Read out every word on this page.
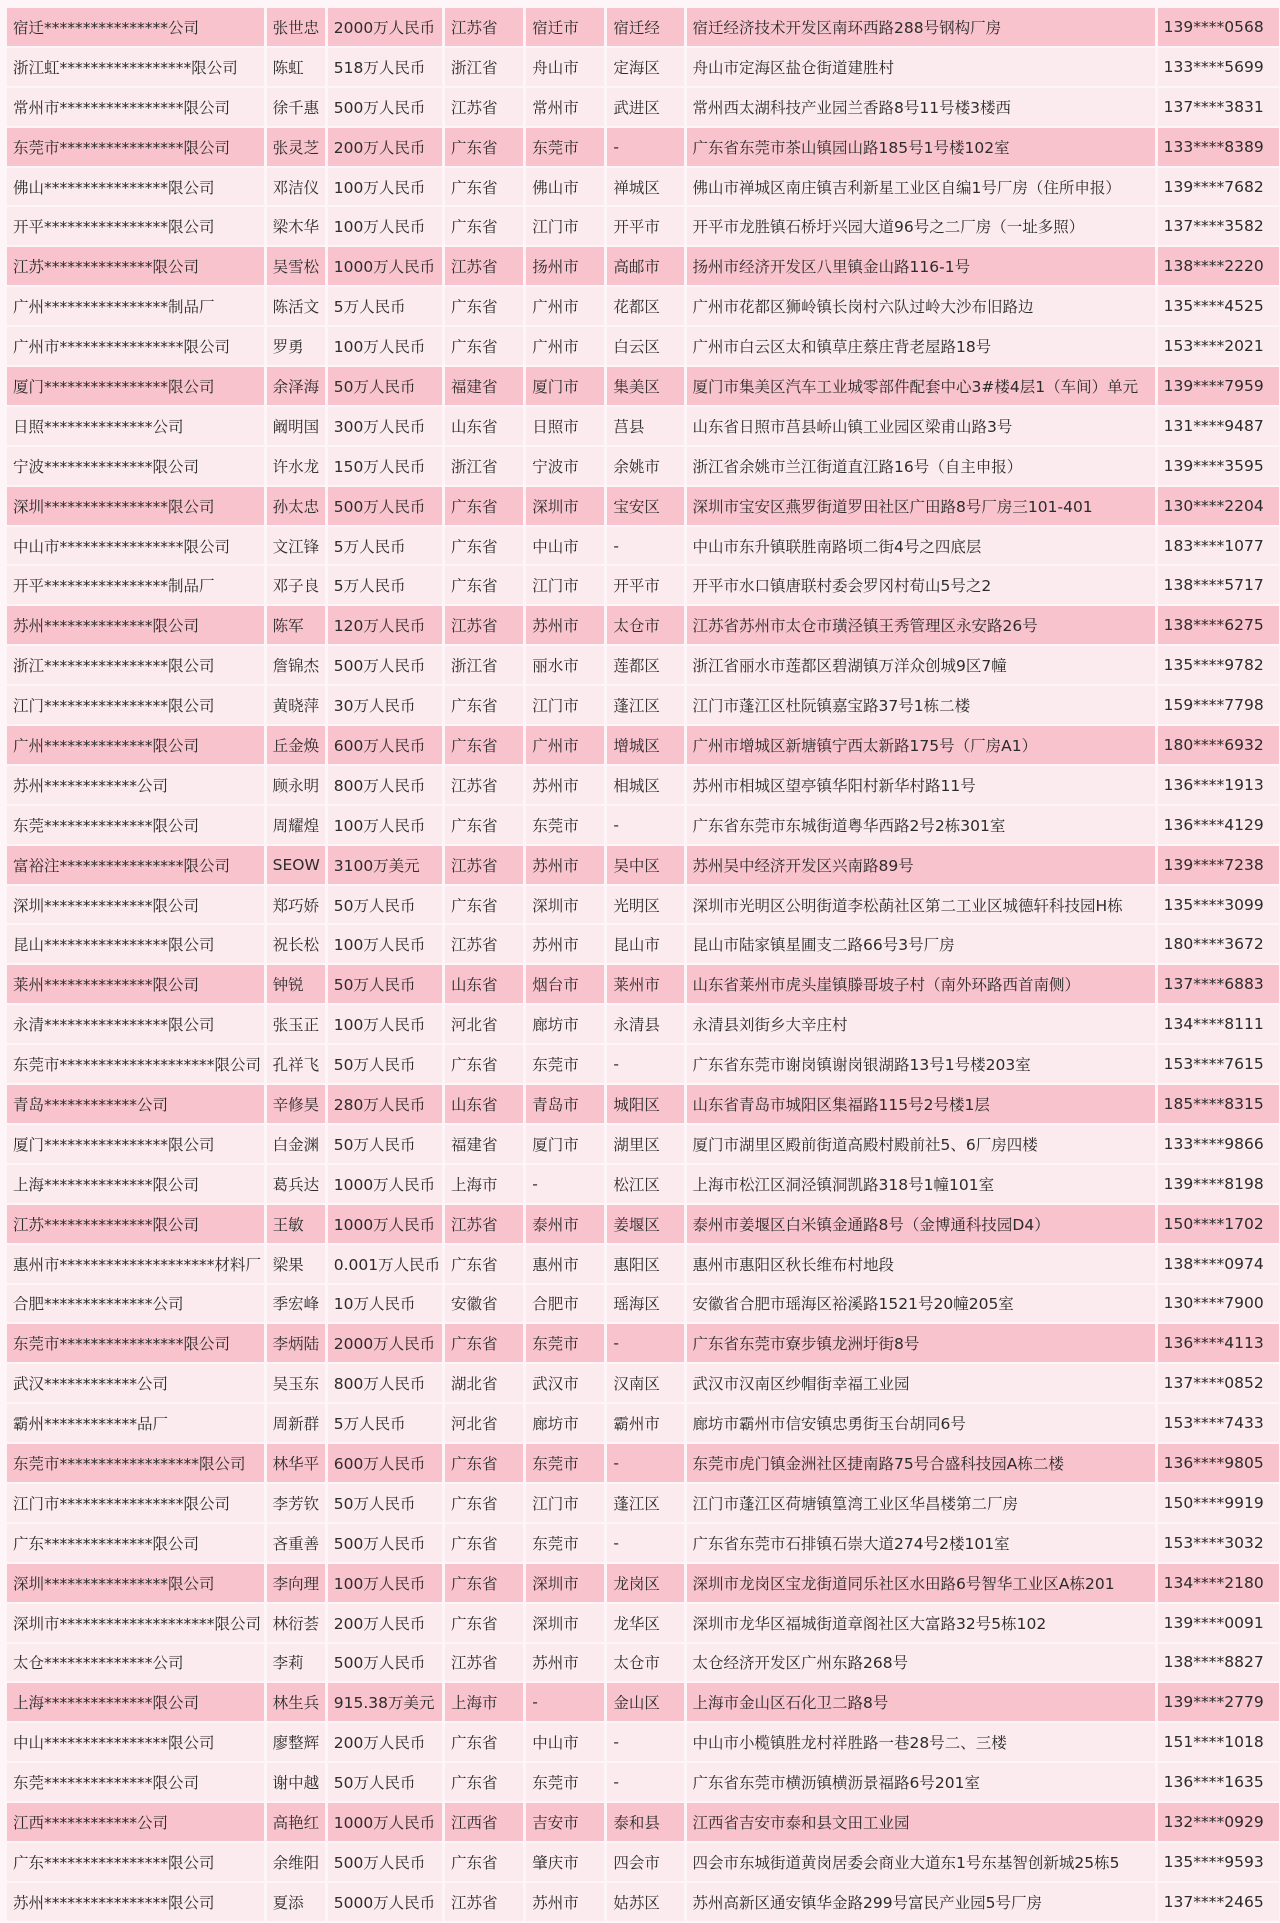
宿迁****************公司	张世忠	2000万人民币	江苏省	宿迁市	宿迁经	宿迁经济技术开发区南环西路288号钢构厂房	139****0568
浙江虹*****************限公司	陈虹	518万人民币	浙江省	舟山市	定海区	舟山市定海区盐仓街道建胜村	133****5699
常州市****************限公司	徐千惠	500万人民币	江苏省	常州市	武进区	常州西太湖科技产业园兰香路8号11号楼3楼西	137****3831
东莞市****************限公司	张灵芝	200万人民币	广东省	东莞市	-	广东省东莞市茶山镇园山路185号1号楼102室	133****8389
佛山****************限公司	邓洁仪	100万人民币	广东省	佛山市	禅城区	佛山市禅城区南庄镇吉利新星工业区自编1号厂房（住所申报）	139****7682
开平****************限公司	梁木华	100万人民币	广东省	江门市	开平市	开平市龙胜镇石桥圩兴园大道96号之二厂房（一址多照）	137****3582
江苏**************限公司	吴雪松	1000万人民币	江苏省	扬州市	高邮市	扬州市经济开发区八里镇金山路116-1号	138****2220
广州****************制品厂	陈活文	5万人民币	广东省	广州市	花都区	广州市花都区狮岭镇长岗村六队过岭大沙布旧路边	135****4525
广州市****************限公司	罗勇	100万人民币	广东省	广州市	白云区	广州市白云区太和镇草庄蔡庄背老屋路18号	153****2021
厦门****************限公司	余泽海	50万人民币	福建省	厦门市	集美区	厦门市集美区汽车工业城零部件配套中心3#楼4层1（车间）单元	139****7959
日照**************公司	阚明国	300万人民币	山东省	日照市	莒县	山东省日照市莒县峤山镇工业园区梁甫山路3号	131****9487
宁波**************限公司	许水龙	150万人民币	浙江省	宁波市	余姚市	浙江省余姚市兰江街道直江路16号（自主申报）	139****3595
深圳****************限公司	孙太忠	500万人民币	广东省	深圳市	宝安区	深圳市宝安区燕罗街道罗田社区广田路8号厂房三101-401	130****2204
中山市****************限公司	文江锋	5万人民币	广东省	中山市	-	中山市东升镇联胜南路顷二街4号之四底层	183****1077
开平****************制品厂	邓子良	5万人民币	广东省	江门市	开平市	开平市水口镇唐联村委会罗冈村荀山5号之2	138****5717
苏州**************限公司	陈军	120万人民币	江苏省	苏州市	太仓市	江苏省苏州市太仓市璜泾镇王秀管理区永安路26号	138****6275
浙江****************限公司	詹锦杰	500万人民币	浙江省	丽水市	莲都区	浙江省丽水市莲都区碧湖镇万洋众创城9区7幢	135****9782
江门****************限公司	黄晓萍	30万人民币	广东省	江门市	蓬江区	江门市蓬江区杜阮镇嘉宝路37号1栋二楼	159****7798
广州**************限公司	丘金焕	600万人民币	广东省	广州市	增城区	广州市增城区新塘镇宁西太新路175号（厂房A1）	180****6932
苏州************公司	顾永明	800万人民币	江苏省	苏州市	相城区	苏州市相城区望亭镇华阳村新华村路11号	136****1913
东莞**************限公司	周耀煌	100万人民币	广东省	东莞市	-	广东省东莞市东城街道粤华西路2号2栋301室	136****4129
富裕注****************限公司	SEOW	3100万美元	江苏省	苏州市	吴中区	苏州吴中经济开发区兴南路89号	139****7238
深圳**************限公司	郑巧娇	50万人民币	广东省	深圳市	光明区	深圳市光明区公明街道李松蓢社区第二工业区城德轩科技园H栋	135****3099
昆山****************限公司	祝长松	100万人民币	江苏省	苏州市	昆山市	昆山市陆家镇星圃支二路66号3号厂房	180****3672
莱州**************限公司	钟锐	50万人民币	山东省	烟台市	莱州市	山东省莱州市虎头崖镇滕哥坡子村（南外环路西首南侧）	137****6883
永清****************限公司	张玉正	100万人民币	河北省	廊坊市	永清县	永清县刘街乡大辛庄村	134****8111
东莞市********************限公司	孔祥飞	50万人民币	广东省	东莞市	-	广东省东莞市谢岗镇谢岗银湖路13号1号楼203室	153****7615
青岛************公司	辛修昊	280万人民币	山东省	青岛市	城阳区	山东省青岛市城阳区集福路115号2号楼1层	185****8315
厦门****************限公司	白金渊	50万人民币	福建省	厦门市	湖里区	厦门市湖里区殿前街道高殿村殿前社5、6厂房四楼	133****9866
上海**************限公司	葛兵达	1000万人民币	上海市	-	松江区	上海市松江区洞泾镇洞凯路318号1幢101室	139****8198
江苏**************限公司	王敏	1000万人民币	江苏省	泰州市	姜堰区	泰州市姜堰区白米镇金通路8号（金博通科技园D4）	150****1702
惠州市********************材料厂	梁果	0.001万人民币	广东省	惠州市	惠阳区	惠州市惠阳区秋长维布村地段	138****0974
合肥**************公司	季宏峰	10万人民币	安徽省	合肥市	瑶海区	安徽省合肥市瑶海区裕溪路1521号20幢205室	130****7900
东莞市****************限公司	李炳陆	2000万人民币	广东省	东莞市	-	广东省东莞市寮步镇龙洲圩街8号	136****4113
武汉************公司	吴玉东	800万人民币	湖北省	武汉市	汉南区	武汉市汉南区纱帽街幸福工业园	137****0852
霸州************品厂	周新群	5万人民币	河北省	廊坊市	霸州市	廊坊市霸州市信安镇忠勇街玉台胡同6号	153****7433
东莞市******************限公司	林华平	600万人民币	广东省	东莞市	-	东莞市虎门镇金洲社区捷南路75号合盛科技园A栋二楼	136****9805
江门市****************限公司	李芳钦	50万人民币	广东省	江门市	蓬江区	江门市蓬江区荷塘镇篁湾工业区华昌楼第二厂房	150****9919
广东**************限公司	吝重善	500万人民币	广东省	东莞市	-	广东省东莞市石排镇石崇大道274号2楼101室	153****3032
深圳****************限公司	李向理	100万人民币	广东省	深圳市	龙岗区	深圳市龙岗区宝龙街道同乐社区水田路6号智华工业区A栋201	134****2180
深圳市********************限公司	林衍荟	200万人民币	广东省	深圳市	龙华区	深圳市龙华区福城街道章阁社区大富路32号5栋102	139****0091
太仓**************公司	李莉	500万人民币	江苏省	苏州市	太仓市	太仓经济开发区广州东路268号	138****8827
上海**************限公司	林生兵	915.38万美元	上海市	-	金山区	上海市金山区石化卫二路8号	139****2779
中山****************限公司	廖整辉	200万人民币	广东省	中山市	-	中山市小榄镇胜龙村祥胜路一巷28号二、三楼	151****1018
东莞**************限公司	谢中越	50万人民币	广东省	东莞市	-	广东省东莞市横沥镇横沥景福路6号201室	136****1635
江西************公司	高艳红	1000万人民币	江西省	吉安市	泰和县	江西省吉安市泰和县文田工业园	132****0929
广东****************限公司	余维阳	500万人民币	广东省	肇庆市	四会市	四会市东城街道黄岗居委会商业大道东1号东基智创新城25栋5	135****9593
苏州****************限公司	夏添	5000万人民币	江苏省	苏州市	姑苏区	苏州高新区通安镇华金路299号富民产业园5号厂房	137****2465
